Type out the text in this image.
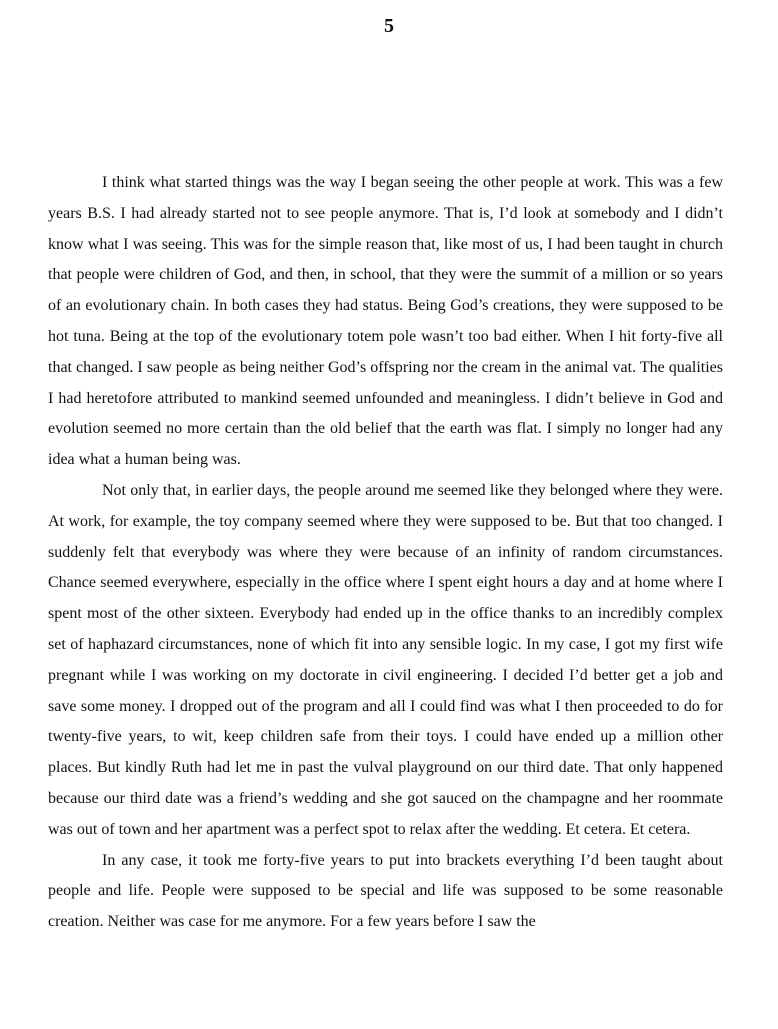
5

I think what started things was the way I began seeing the other people at work. This was a few years B.S. I had already started not to see people anymore. That is, I’d look at somebody and I didn’t know what I was seeing. This was for the simple reason that, like most of us, I had been taught in church that people were children of God, and then, in school, that they were the summit of a million or so years of an evolutionary chain. In both cases they had status. Being God’s creations, they were supposed to be hot tuna. Being at the top of the evolutionary totem pole wasn’t too bad either. When I hit forty-five all that changed. I saw people as being neither God’s offspring nor the cream in the animal vat. The qualities I had heretofore attributed to mankind seemed unfounded and meaningless. I didn’t believe in God and evolution seemed no more certain than the old belief that the earth was flat. I simply no longer had any idea what a human being was.

Not only that, in earlier days, the people around me seemed like they belonged where they were. At work, for example, the toy company seemed where they were supposed to be. But that too changed. I suddenly felt that everybody was where they were because of an infinity of random circumstances. Chance seemed everywhere, especially in the office where I spent eight hours a day and at home where I spent most of the other sixteen. Everybody had ended up in the office thanks to an incredibly complex set of haphazard circumstances, none of which fit into any sensible logic. In my case, I got my first wife pregnant while I was working on my doctorate in civil engineering. I decided I’d better get a job and save some money. I dropped out of the program and all I could find was what I then proceeded to do for twenty-five years, to wit, keep children safe from their toys. I could have ended up a million other places. But kindly Ruth had let me in past the vulval playground on our third date. That only happened because our third date was a friend’s wedding and she got sauced on the champagne and her roommate was out of town and her apartment was a perfect spot to relax after the wedding. Et cetera. Et cetera.

In any case, it took me forty-five years to put into brackets everything I’d been taught about people and life. People were supposed to be special and life was supposed to be some reasonable creation. Neither was case for me anymore. For a few years before I saw the
